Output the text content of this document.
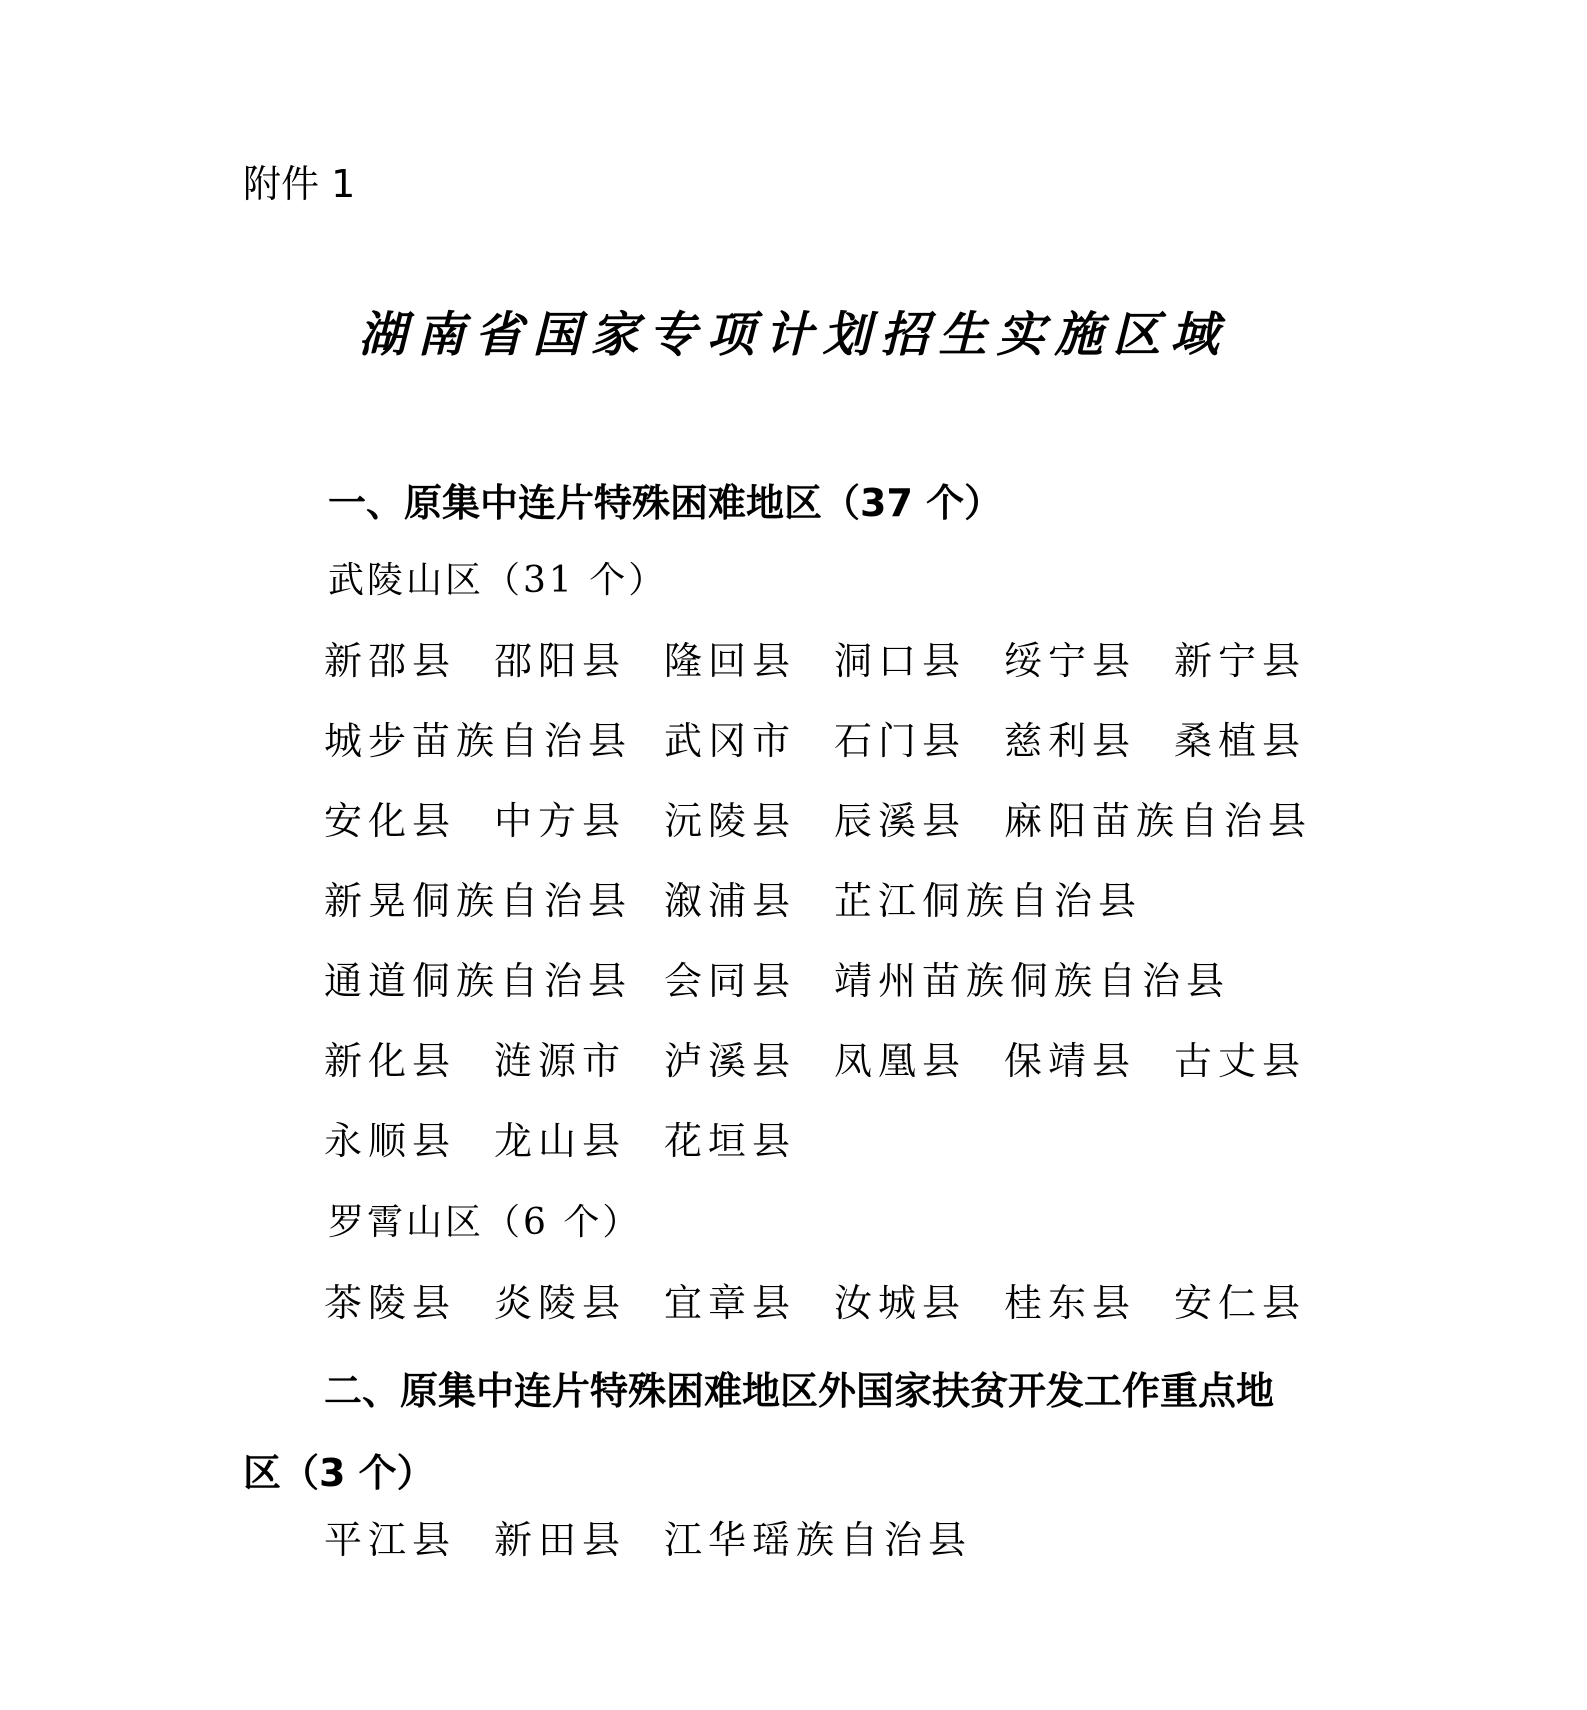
附件 1
湖南省国家专项计划招生实施区域
一、原集中连片特殊困难地区（37 个）
武陵山区（31 个）
新邵县 邵阳县 隆回县 洞口县 绥宁县 新宁县
城步苗族自治县 武冈市 石门县 慈利县 桑植县
安化县 中方县 沅陵县 辰溪县 麻阳苗族自治县
新晃侗族自治县 溆浦县 芷江侗族自治县
通道侗族自治县 会同县 靖州苗族侗族自治县
新化县 涟源市 泸溪县 凤凰县 保靖县 古丈县
永顺县 龙山县 花垣县
罗霄山区（6 个）
茶陵县 炎陵县 宜章县 汝城县 桂东县 安仁县
二、原集中连片特殊困难地区外国家扶贫开发工作重点地
区（3 个）
平江县 新田县 江华瑶族自治县
